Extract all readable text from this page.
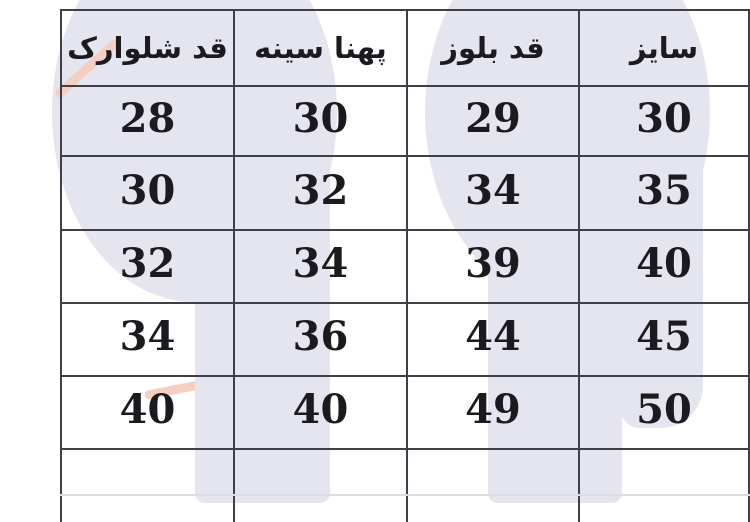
سایز	قد بلوز	پهنا سینه	قد شلوارک
30	29	30	28
35	34	32	30
40	39	34	32
45	44	36	34
50	49	40	40
